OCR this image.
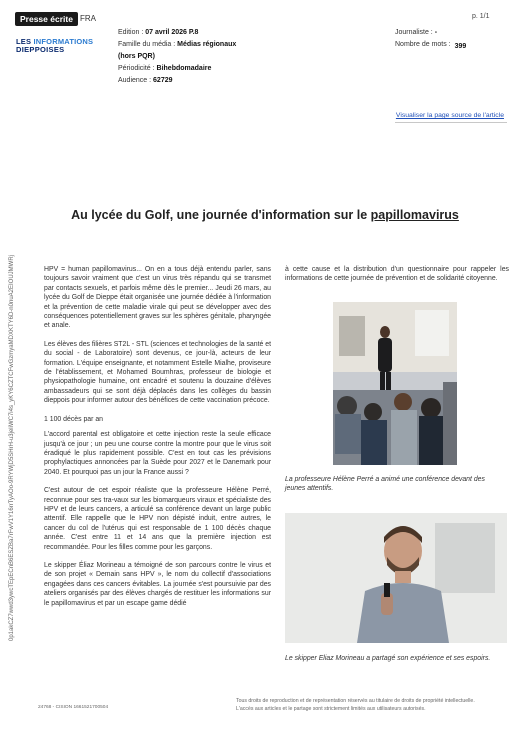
Presse écrite FRA
LES INFORMATIONS
DIEPPOISES
Edition : 07 avril 2026 P.8
Famille du média : Médias régionaux
(hors PQR)
Périodicité : Bihebdomadaire
Audience : 62729
Journaliste : -
Nombre de mots : 399
p. 1/1
Visualiser la page source de l'article
Au lycée du Golf, une journée d'information sur le papillomavirus

HPV = human papillomavirus... On en a tous déjà entendu parler, sans toujours savoir vraiment que c'est un virus très répandu qui se transmet par contacts sexuels, et parfois même dès le premier... Jeudi 26 mars, au lycée du Golf de Dieppe était organisée une journée dédiée à l'information et la prévention de cette maladie virale qui peut se développer avec des conséquences potentiellement graves sur les sphères génitale, pharyngée et anale.

Les élèves des filières ST2L - STL (sciences et technologies de la santé et du social - de Laboratoire) sont devenus, ce jour-là, acteurs de leur formation. L'équipe enseignante, et notamment Estelle Mialhe, proviseure de l'établissement, et Mohamed Boumhras, professeur de biologie et physiopathologie humaine, ont encadré et soutenu la douzaine d'élèves ambassadeurs qui se sont déjà déplacés dans les collèges du bassin dieppois pour informer autour des bénéfices de cette vaccination précoce.

1 100 décès par an

L'accord parental est obligatoire et cette injection reste la seule efficace jusqu'à ce jour ; un peu une course contre la montre pour que le virus soit éradiqué le plus rapidement possible. C'est en tout cas les prévisions prophylactiques annoncées par la Suède pour 2027 et le Danemark pour 2040. Et pourquoi pas un jour la France aussi ?

C'est autour de cet espoir réaliste que la professeure Hélène Perré, reconnue pour ses tra-vaux sur les biomarqueurs viraux et spécialiste des HPV et de leurs cancers, a articulé sa conférence devant un large public attentif. Elle rappelle que le HPV non dépisté induit, entre autres, le cancer du col de l'utérus qui est responsable de 1 100 décès chaque année. C'est entre 11 et 14 ans que la première injection est recommandée. Pour les filles comme pour les garçons.

Le skipper Éliaz Morineau a témoigné de son parcours contre le virus et de son projet « Demain sans HPV », le nom du collectif d'associations engagées dans ces cancers évitables. La journée s'est poursuivie par des ateliers organisés par des élèves chargés de restituer les informations sur le papillomavirus et par un escape game dédié

à cette cause et la distribution d'un questionnaire pour rappeler les informations de cette journée de prévention et de solidarité citoyenne.

La professeure Hélène Perré a animé une conférence devant des jeunes attentifs.
Le skipper Eliaz Morineau a partagé son expérience et ses espoirs.
0p1akCZ7wwd3ywcTEpECnB6ESZBa7rFwV1Y16rrTyAOo-9RYWjD5SHrH-u3jeliWC7i4s_yKY6CZTCFwGzmyaMDXKTY6D-n0nuA2EIOUJMWRj
24768 - CISION 1661521700504
Tous droits de reproduction et de représentation réservés au titulaire de droits de propriété intellectuelle.
L'accès aux articles et le partage sont strictement limités aux utilisateurs autorisés.
